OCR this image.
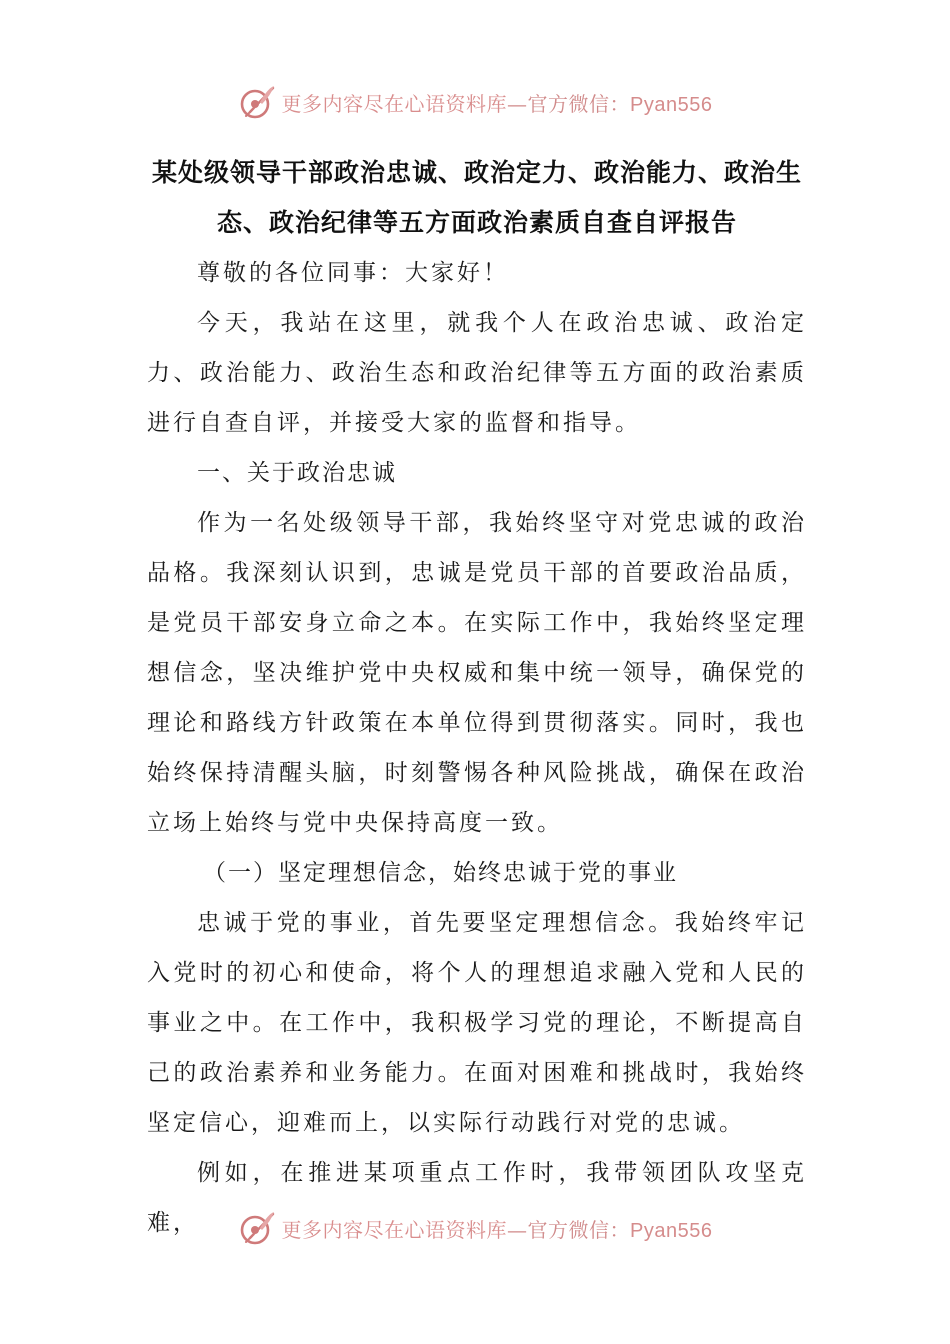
更多内容尽在心语资料库—官方微信：Pyan556
某处级领导干部政治忠诚、政治定力、政治能力、政治生
态、政治纪律等五方面政治素质自查自评报告

尊敬的各位同事：大家好！

今天，我站在这里，就我个人在政治忠诚、政治定力、政治能力、政治生态和政治纪律等五方面的政治素质进行自查自评，并接受大家的监督和指导。

一、关于政治忠诚

作为一名处级领导干部，我始终坚守对党忠诚的政治品格。我深刻认识到，忠诚是党员干部的首要政治品质，是党员干部安身立命之本。在实际工作中，我始终坚定理想信念，坚决维护党中央权威和集中统一领导，确保党的理论和路线方针政策在本单位得到贯彻落实。同时，我也始终保持清醒头脑，时刻警惕各种风险挑战，确保在政治立场上始终与党中央保持高度一致。

（一）坚定理想信念，始终忠诚于党的事业

忠诚于党的事业，首先要坚定理想信念。我始终牢记入党时的初心和使命，将个人的理想追求融入党和人民的事业之中。在工作中，我积极学习党的理论，不断提高自己的政治素养和业务能力。在面对困难和挑战时，我始终坚定信心，迎难而上，以实际行动践行对党的忠诚。

例如，在推进某项重点工作时，我带领团队攻坚克难，	更多内容尽在心语资料库—官方微信：Pyan556
